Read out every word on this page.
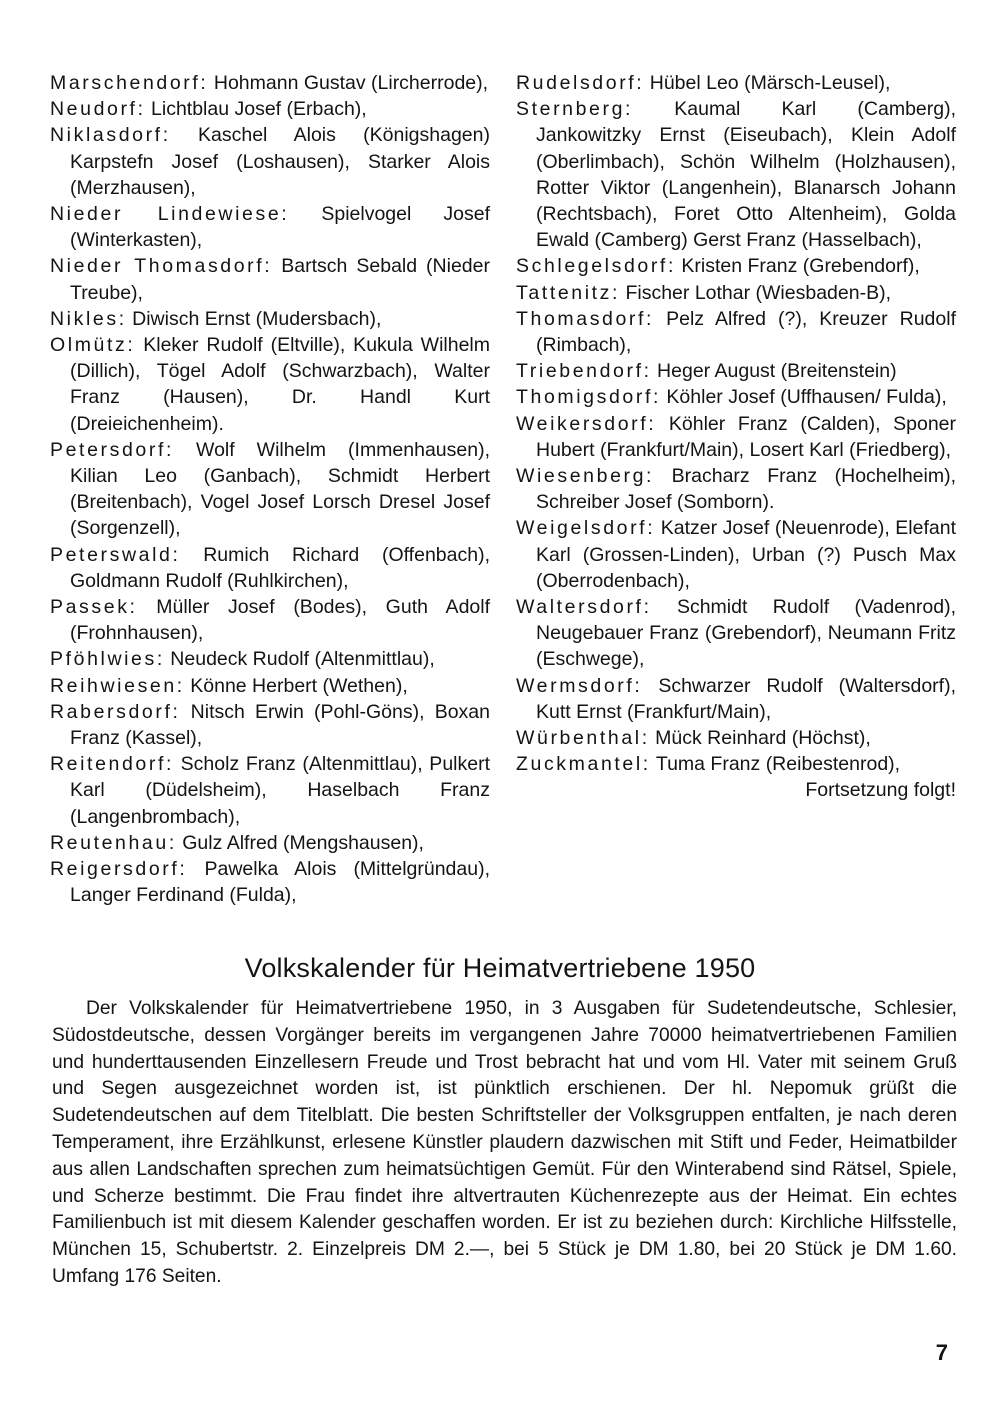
Marschendorf: Hohmann Gustav (Lircherrode),
Neudorf: Lichtblau Josef (Erbach),
Niklasdorf: Kaschel Alois (Königshagen) Karpstefn Josef (Loshausen), Starker Alois (Merzhausen),
Nieder Lindewiese: Spielvogel Josef (Winterkasten),
Nieder Thomasdorf: Bartsch Sebald (Nieder Treube),
Nikles: Diwisch Ernst (Mudersbach),
Olmütz: Kleker Rudolf (Eltville), Kukula Wilhelm (Dillich), Tögel Adolf (Schwarzbach), Walter Franz (Hausen), Dr. Handl Kurt (Dreieichenheim).
Petersdorf: Wolf Wilhelm (Immenhausen), Kilian Leo (Ganbach), Schmidt Herbert (Breitenbach), Vogel Josef Lorsch Dresel Josef (Sorgenzell),
Peterswald: Rumich Richard (Offenbach), Goldmann Rudolf (Ruhlkirchen),
Passek: Müller Josef (Bodes), Guth Adolf (Frohnhausen),
Pföhlwies: Neudeck Rudolf (Altenmittlau),
Reihwiesen: Könne Herbert (Wethen),
Rabersdorf: Nitsch Erwin (Pohl-Göns), Boxan Franz (Kassel),
Reitendorf: Scholz Franz (Altenmittlau), Pulkert Karl (Düdelsheim), Haselbach Franz (Langenbrombach),
Reutenhau: Gulz Alfred (Mengshausen),
Reigersdorf: Pawelka Alois (Mittelgründau), Langer Ferdinand (Fulda),
Rudelsdorf: Hübel Leo (Märsch-Leusel),
Sternberg: Kaumal Karl (Camberg), Jankowitzky Ernst (Eiseubach), Klein Adolf (Oberlimbach), Schön Wilhelm (Holzhausen), Rotter Viktor (Langenhein), Blanarsch Johann (Rechtsbach), Foret Otto Altenheim), Golda Ewald (Camberg) Gerst Franz (Hasselbach),
Schlegelsdorf: Kristen Franz (Grebendorf),
Tattenitz: Fischer Lothar (Wiesbaden-B),
Thomasdorf: Pelz Alfred (?), Kreuzer Rudolf (Rimbach),
Triebendorf: Heger August (Breitenstein)
Thomigsdorf: Köhler Josef (Uffhausen/ Fulda),
Weikersdorf: Köhler Franz (Calden), Sponer Hubert (Frankfurt/Main), Losert Karl (Friedberg),
Wiesenberg: Bracharz Franz (Hochelheim), Schreiber Josef (Somborn).
Weigelsdorf: Katzer Josef (Neuenrode), Elefant Karl (Grossen-Linden), Urban (?) Pusch Max (Oberrodenbach),
Waltersdorf: Schmidt Rudolf (Vadenrod), Neugebauer Franz (Grebendorf), Neumann Fritz (Eschwege),
Wermsdorf: Schwarzer Rudolf (Waltersdorf), Kutt Ernst (Frankfurt/Main),
Würbenthal: Mück Reinhard (Höchst),
Zuckmantel: Tuma Franz (Reibestenrod),
Fortsetzung folgt!
Volkskalender für Heimatvertriebene 1950
Der Volkskalender für Heimatvertriebene 1950, in 3 Ausgaben für Sudetendeutsche, Schlesier, Südostdeutsche, dessen Vorgänger bereits im vergangenen Jahre 70000 heimatvertriebenen Familien und hunderttausenden Einzellesern Freude und Trost bebracht hat und vom Hl. Vater mit seinem Gruß und Segen ausgezeichnet worden ist, ist pünktlich erschienen. Der hl. Nepomuk grüßt die Sudetendeutschen auf dem Titelblatt. Die besten Schriftsteller der Volksgruppen entfalten, je nach deren Temperament, ihre Erzählkunst, erlesene Künstler plaudern dazwischen mit Stift und Feder, Heimatbilder aus allen Landschaften sprechen zum heimatsüchtigen Gemüt. Für den Winterabend sind Rätsel, Spiele, und Scherze bestimmt. Die Frau findet ihre altvertrauten Küchenrezepte aus der Heimat. Ein echtes Familienbuch ist mit diesem Kalender geschaffen worden. Er ist zu beziehen durch: Kirchliche Hilfsstelle, München 15, Schubertstr. 2. Einzelpreis DM 2.—, bei 5 Stück je DM 1.80, bei 20 Stück je DM 1.60. Umfang 176 Seiten.
7
